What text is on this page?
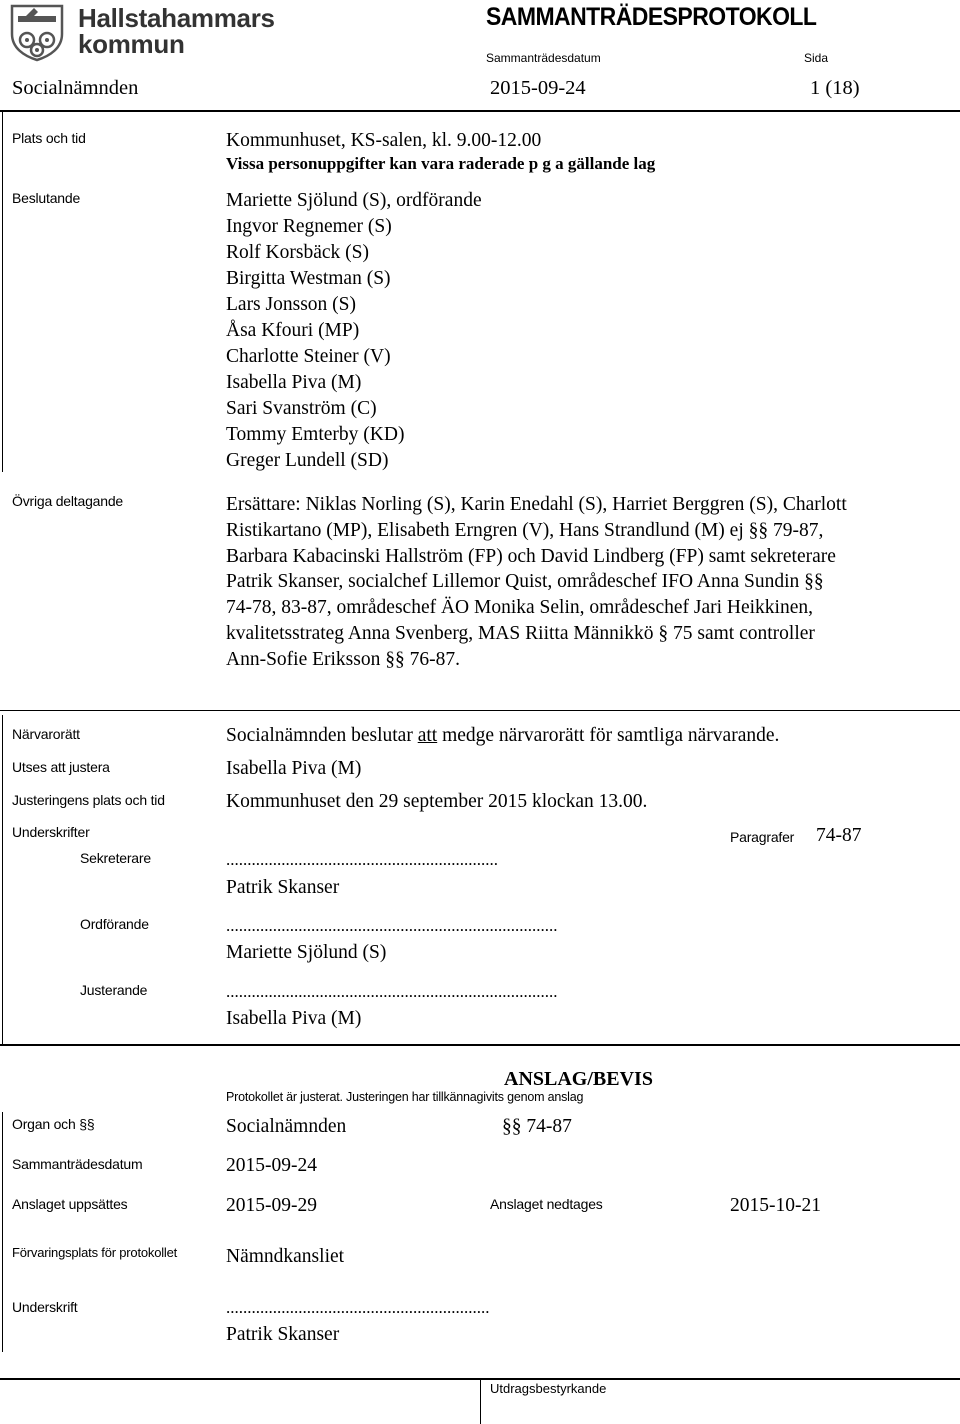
Hallstahammars
kommun
SAMMANTRÄDESPROTOKOLL
Sammanträdesdatum	Sida
Socialnämnden	2015-09-24	1 (18)
Plats och tid	Kommunhuset, KS-salen, kl. 9.00-12.00
Vissa personuppgifter kan vara raderade p g a gällande lag
Beslutande	Mariette Sjölund (S), ordförande
Ingvor Regnemer (S)
Rolf Korsbäck (S)
Birgitta Westman (S)
Lars Jonsson (S)
Åsa Kfouri (MP)
Charlotte Steiner (V)
Isabella Piva (M)
Sari Svanström (C)
Tommy Emterby (KD)
Greger Lundell (SD)
Övriga deltagande	Ersättare: Niklas Norling (S), Karin Enedahl (S), Harriet Berggren (S), Charlott
Ristikartano (MP), Elisabeth Erngren (V), Hans Strandlund (M) ej §§ 79-87,
Barbara Kabacinski Hallström (FP) och David Lindberg (FP) samt sekreterare
Patrik Skanser, socialchef Lillemor Quist, områdeschef IFO Anna Sundin §§
74-78, 83-87, områdeschef ÄO Monika Selin, områdeschef Jari Heikkinen,
kvalitetsstrateg Anna Svenberg, MAS Riitta Männikkö § 75 samt controller
Ann-Sofie Eriksson §§ 76-87.
Närvarorätt	Socialnämnden beslutar att medge närvarorätt för samtliga närvarande.
Utses att justera	Isabella Piva (M)
Justeringens plats och tid	Kommunhuset den 29 september 2015 klockan 13.00.
Underskrifter	Paragrafer 74-87
Sekreterare	................................................................
Patrik Skanser
Ordförande	..............................................................................
Mariette Sjölund (S)
Justerande	..............................................................................
Isabella Piva (M)
ANSLAG/BEVIS
Protokollet är justerat. Justeringen har tillkännagivits genom anslag
Organ och §§	Socialnämnden	§§ 74-87
Sammanträdesdatum	2015-09-24
Anslaget uppsättes	2015-09-29	Anslaget nedtages	2015-10-21
Förvaringsplats för protokollet	Nämndkansliet
Underskrift	..............................................................
Patrik Skanser
Utdragsbestyrkande
